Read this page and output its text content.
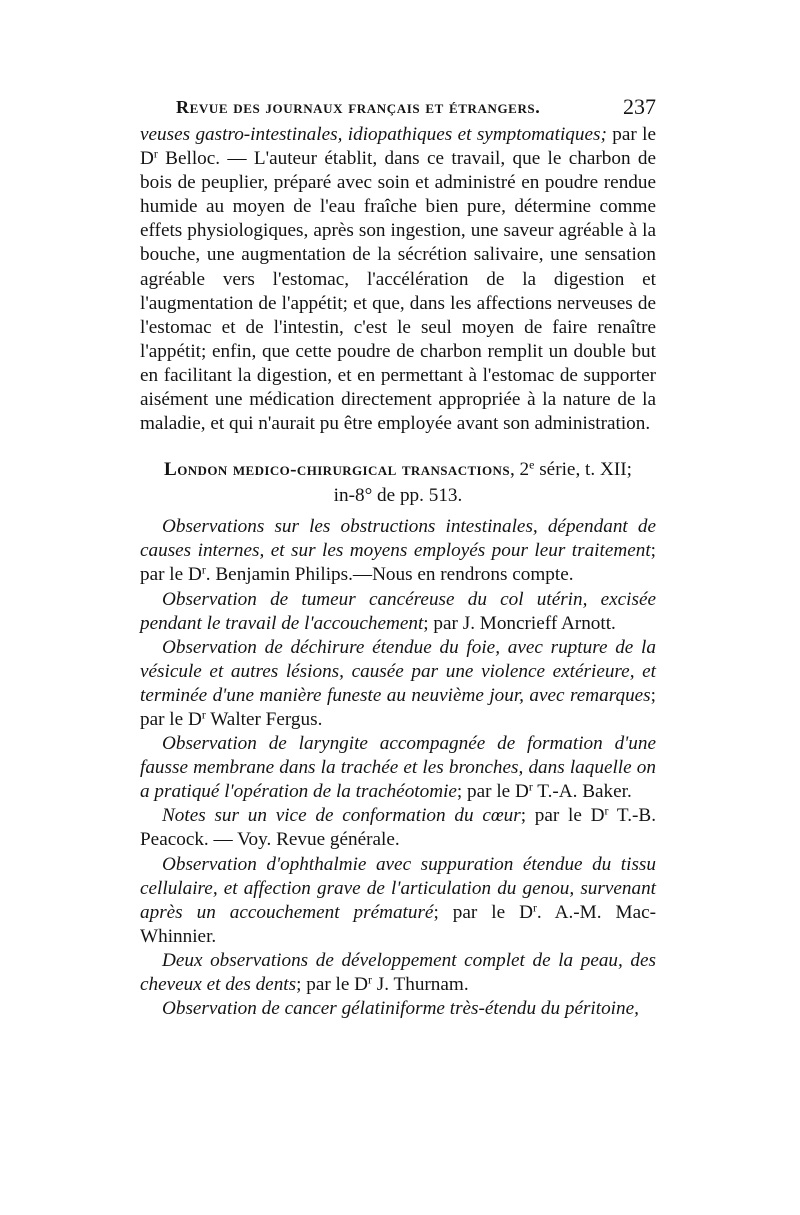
Revue des journaux français et étrangers.	237

veuses gastro-intestinales, idiopathiques et symptomatiques; par le $D^r$ Belloc. — L'auteur établit, dans ce travail, que le charbon de bois de peuplier, préparé avec soin et administré en poudre rendue humide au moyen de l'eau fraîche bien pure, détermine comme effets physiologiques, après son ingestion, une saveur agréable à la bouche, une augmentation de la sécrétion salivaire, une sensation agréable vers l'estomac, l'accélération de la digestion et l'augmentation de l'appétit; et que, dans les affections nerveuses de l'estomac et de l'intestin, c'est le seul moyen de faire renaître l'appétit; enfin, que cette poudre de charbon remplit un double but en facilitant la digestion, et en permettant à l'estomac de supporter aisément une médication directement appropriée à la nature de la maladie, et qui n'aurait pu être employée avant son administration.

London medico-chirurgical transactions, 2e série, t. XII;
in-8° de pp. 513.

Observations sur les obstructions intestinales, dépendant de causes internes, et sur les moyens employés pour leur traitement; par le $D^r$. Benjamin Philips.—Nous en rendrons compte.

Observation de tumeur cancéreuse du col utérin, excisée pendant le travail de l'accouchement; par J. Moncrieff Arnott.

Observation de déchirure étendue du foie, avec rupture de la vésicule et autres lésions, causée par une violence extérieure, et terminée d'une manière funeste au neuvième jour, avec remarques; par le $D^r$ Walter Fergus.

Observation de laryngite accompagnée de formation d'une fausse membrane dans la trachée et les bronches, dans laquelle on a pratiqué l'opération de la trachéotomie; par le $D^r$ T.-A. Baker.

Notes sur un vice de conformation du cœur; par le $D^r$ T.-B. Peacock. — Voy. Revue générale.

Observation d'ophthalmie avec suppuration étendue du tissu cellulaire, et affection grave de l'articulation du genou, survenant après un accouchement prématuré; par le $D^r$. A.-M. Mac-Whinnier.

Deux observations de développement complet de la peau, des cheveux et des dents; par le $D^r$ J. Thurnam.

Observation de cancer gélatiniforme très-étendu du péritoine,
